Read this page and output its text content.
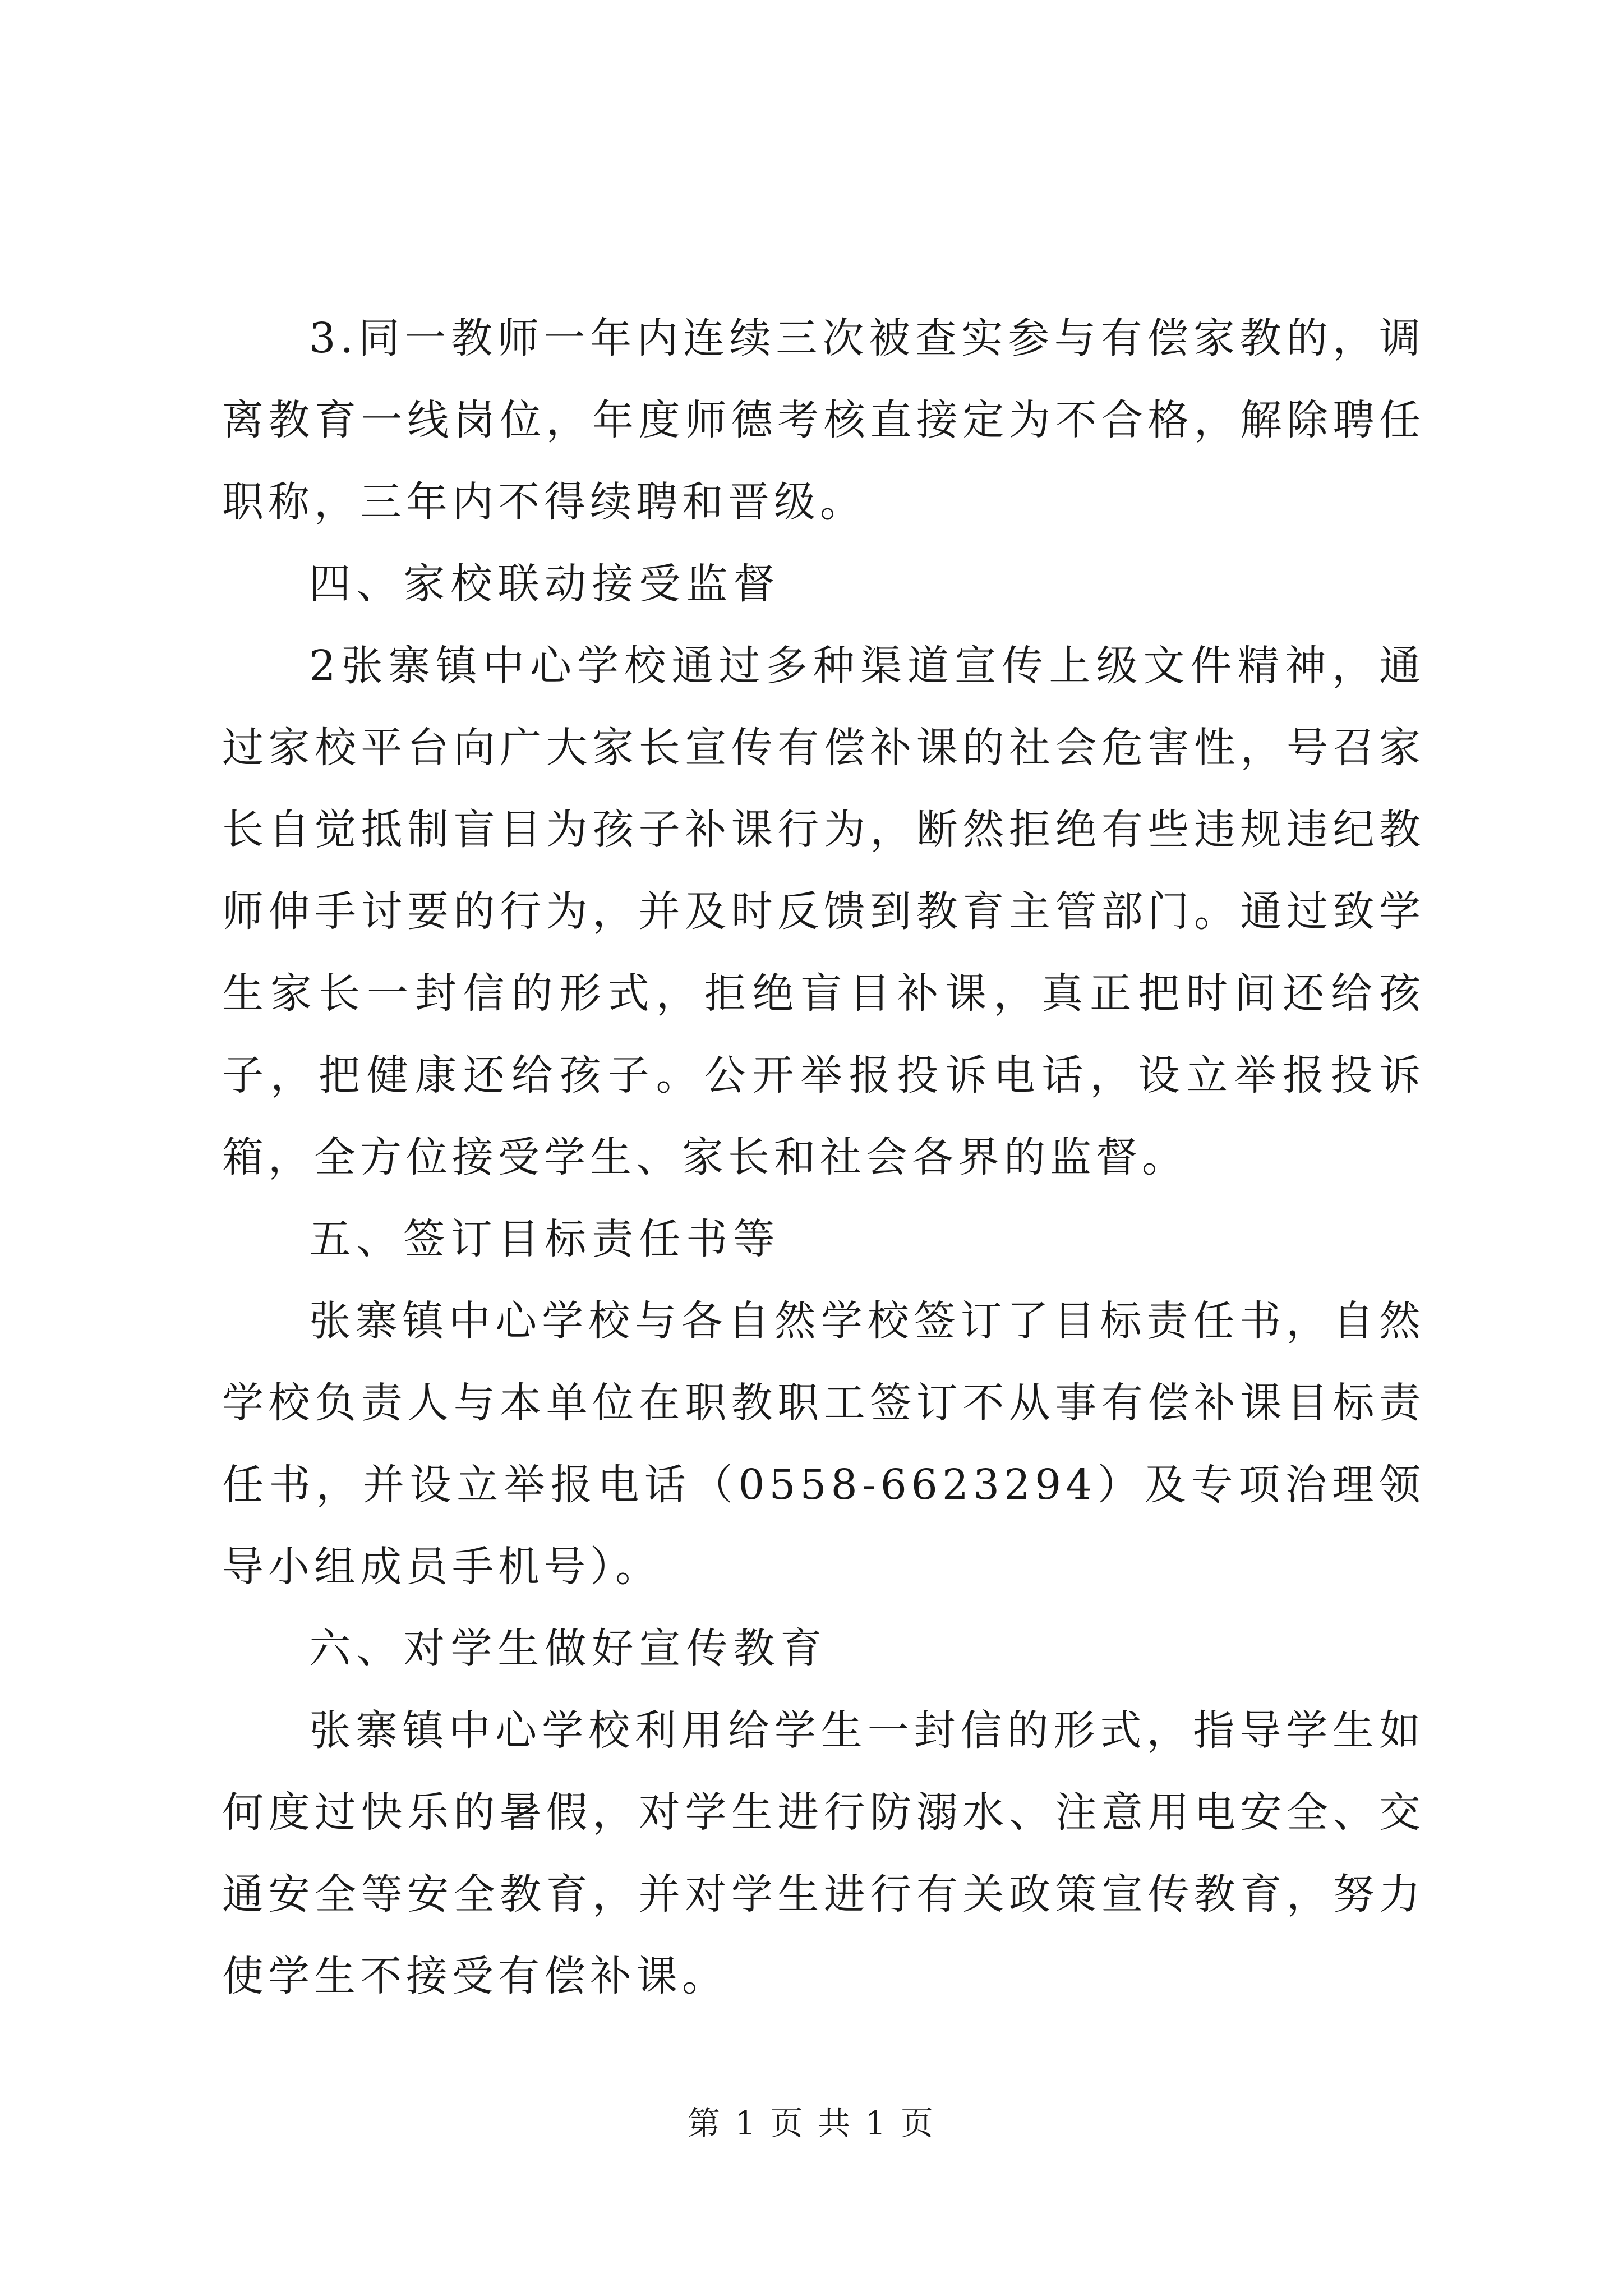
3.同一教师一年内连续三次被查实参与有偿家教的，调离教育一线岗位，年度师德考核直接定为不合格，解除聘任职称，三年内不得续聘和晋级。

四、家校联动接受监督

2张寨镇中心学校通过多种渠道宣传上级文件精神，通过家校平台向广大家长宣传有偿补课的社会危害性，号召家长自觉抵制盲目为孩子补课行为，断然拒绝有些违规违纪教师伸手讨要的行为，并及时反馈到教育主管部门。通过致学生家长一封信的形式，拒绝盲目补课，真正把时间还给孩子，把健康还给孩子。公开举报投诉电话，设立举报投诉箱，全方位接受学生、家长和社会各界的监督。

五、签订目标责任书等

张寨镇中心学校与各自然学校签订了目标责任书，自然学校负责人与本单位在职教职工签订不从事有偿补课目标责任书，并设立举报电话（0558-6623294）及专项治理领导小组成员手机号）。

六、对学生做好宣传教育

张寨镇中心学校利用给学生一封信的形式，指导学生如何度过快乐的暑假，对学生进行防溺水、注意用电安全、交通安全等安全教育，并对学生进行有关政策宣传教育，努力使学生不接受有偿补课。

第 1 页 共 1 页
